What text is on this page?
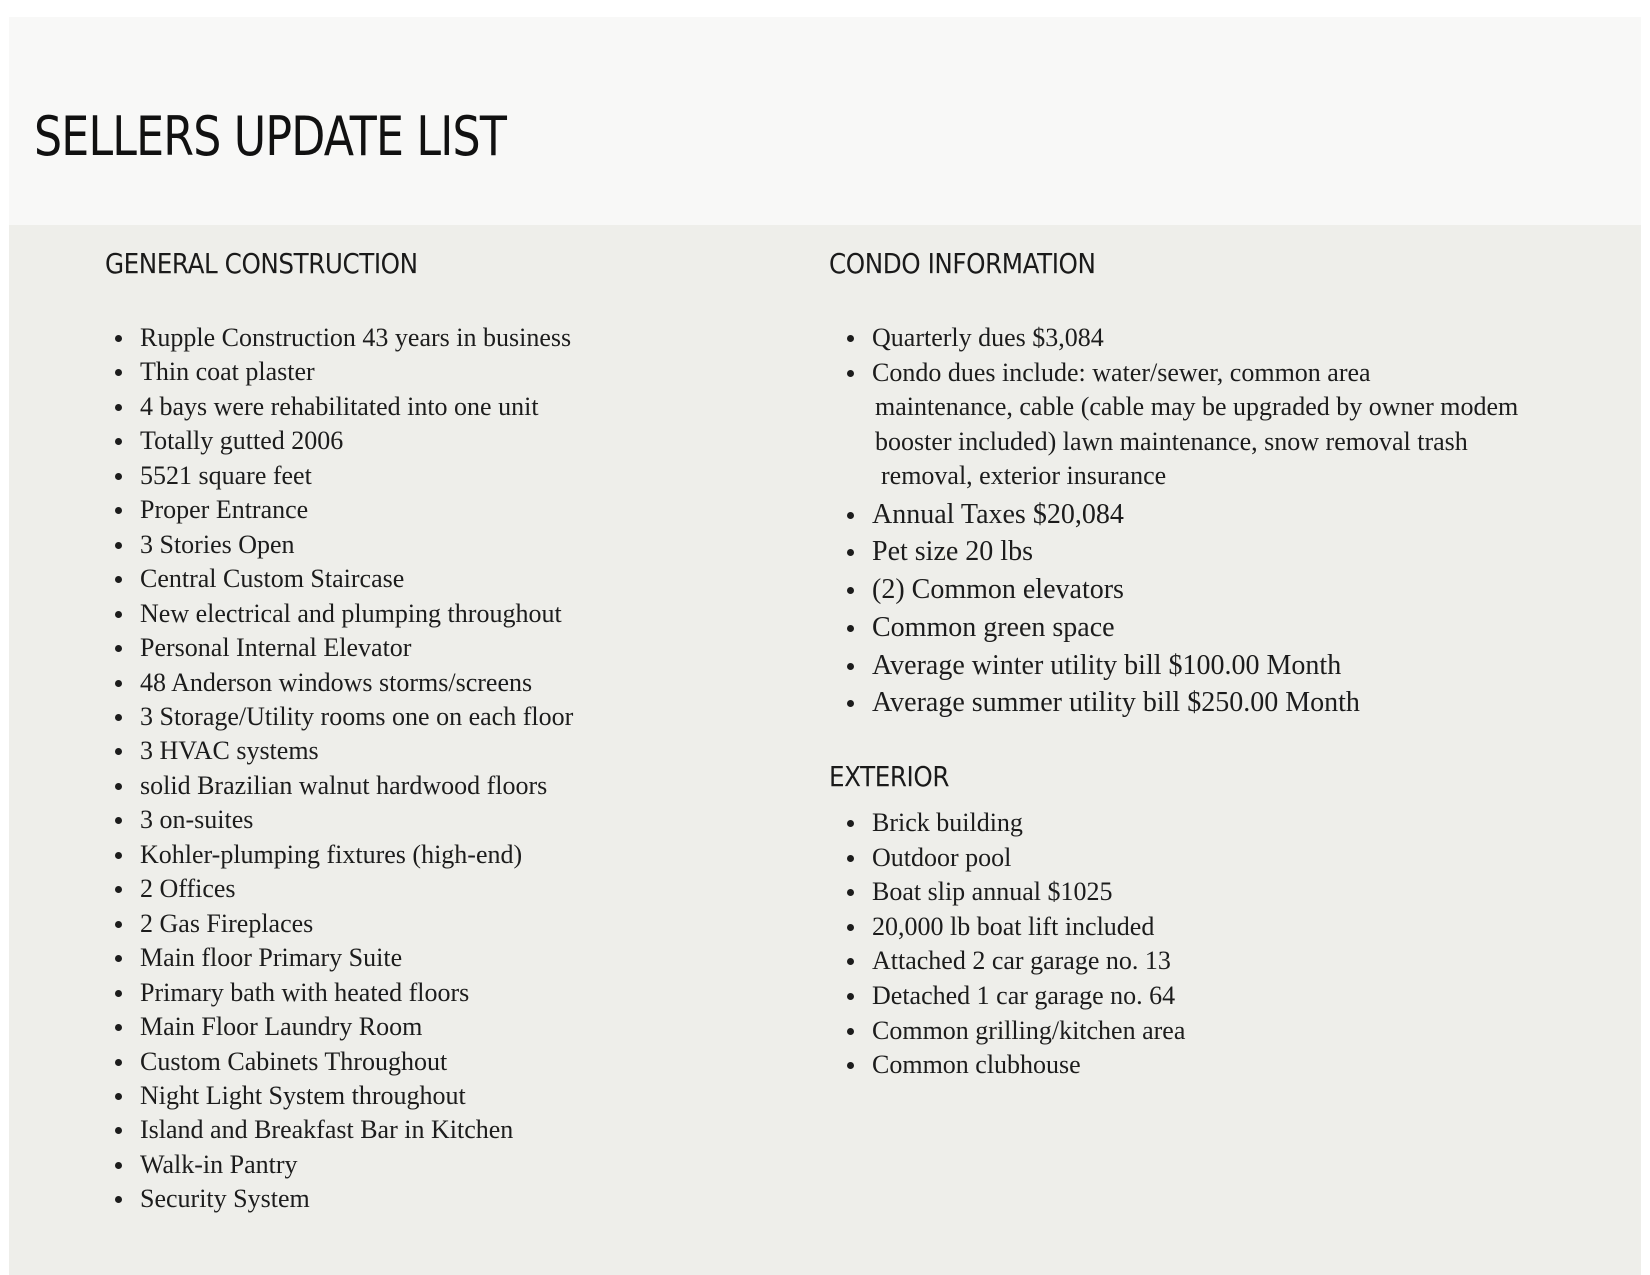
SELLERS UPDATE LIST
GENERAL CONSTRUCTION
Rupple Construction 43 years in business
Thin coat plaster
4 bays were rehabilitated into one unit
Totally gutted 2006
5521 square feet
Proper Entrance
3 Stories Open
Central Custom Staircase
New electrical and plumping throughout
Personal Internal Elevator
48 Anderson windows storms/screens
3 Storage/Utility rooms one on each floor
3 HVAC systems
solid Brazilian walnut hardwood floors
3 on-suites
Kohler-plumping fixtures (high-end)
2 Offices
2 Gas Fireplaces
Main floor Primary Suite
Primary bath with heated floors
Main Floor Laundry Room
Custom Cabinets Throughout
Night Light System throughout
Island and Breakfast Bar in Kitchen
Walk-in Pantry
Security System
CONDO INFORMATION
Quarterly dues $3,084
Condo dues include: water/sewer, common area
maintenance, cable (cable may be upgraded by owner modem
booster included) lawn maintenance, snow removal trash
removal, exterior insurance
Annual Taxes $20,084
Pet size 20 lbs
(2) Common elevators
Common green space
Average winter utility bill $100.00 Month
Average summer utility bill $250.00 Month
EXTERIOR
Brick building
Outdoor pool
Boat slip annual $1025
20,000 lb boat lift included
Attached 2 car garage no. 13
Detached 1 car garage no. 64
Common grilling/kitchen area
Common clubhouse
